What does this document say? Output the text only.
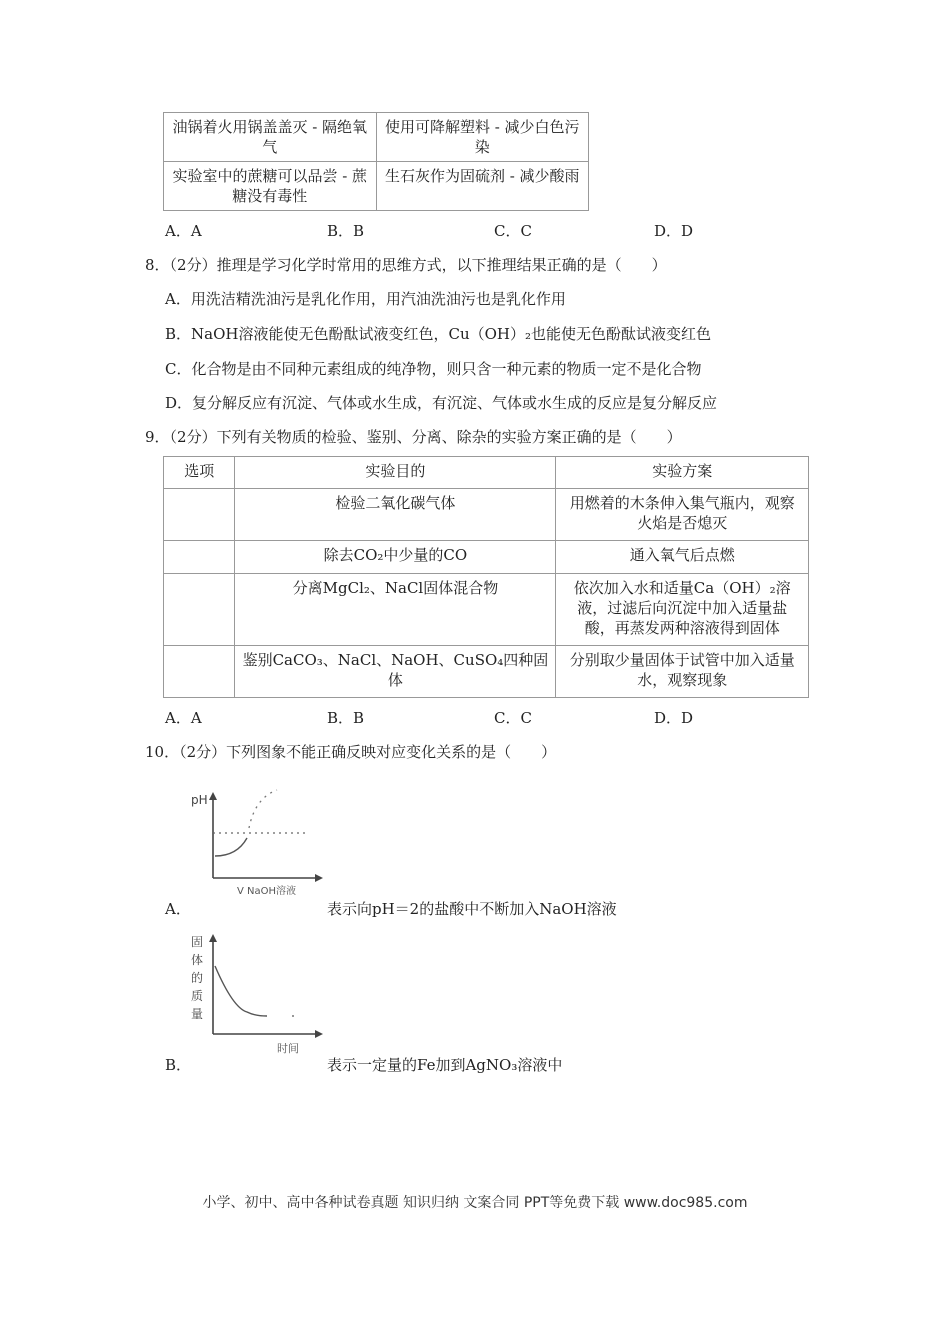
油锅着火用锅盖盖灭 - 隔绝氧气	使用可降解塑料 - 减少白色污染
实验室中的蔗糖可以品尝 - 蔗糖没有毒性	生石灰作为固硫剂 - 减少酸雨
A．A	B．B	C．C	D．D
8．（2分）推理是学习化学时常用的思维方式，以下推理结果正确的是（　　）
A．用洗洁精洗油污是乳化作用，用汽油洗油污也是乳化作用
B．NaOH溶液能使无色酚酞试液变红色，Cu（OH）₂也能使无色酚酞试液变红色
C．化合物是由不同种元素组成的纯净物，则只含一种元素的物质一定不是化合物
D．复分解反应有沉淀、气体或水生成，有沉淀、气体或水生成的反应是复分解反应
9．（2分）下列有关物质的检验、鉴别、分离、除杂的实验方案正确的是（　　）
选项	实验目的	实验方案
	检验二氧化碳气体	用燃着的木条伸入集气瓶内，观察火焰是否熄灭
	除去CO₂中少量的CO	通入氧气后点燃
	分离MgCl₂、NaCl固体混合物	依次加入水和适量Ca（OH）₂溶液，过滤后向沉淀中加入适量盐酸，再蒸发两种溶液得到固体
	鉴别CaCO₃、NaCl、NaOH、CuSO₄四种固体	分别取少量固体于试管中加入适量水，观察现象
A．A	B．B	C．C	D．D
10．（2分）下列图象不能正确反映对应变化关系的是（　　）
pH
V NaOH溶液
A．	表示向pH＝2的盐酸中不断加入NaOH溶液
固体的质量
时间
B．	表示一定量的Fe加到AgNO₃溶液中
小学、初中、高中各种试卷真题 知识归纳 文案合同 PPT等免费下载 www.doc985.com
